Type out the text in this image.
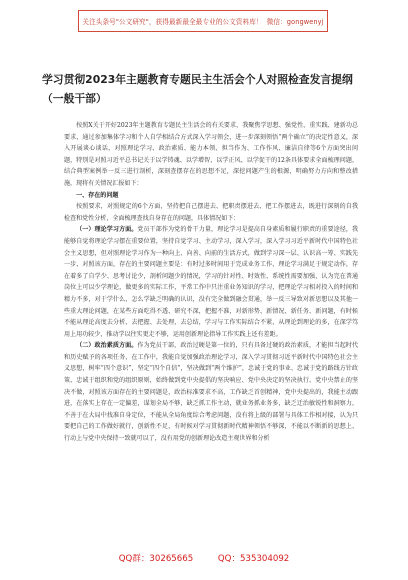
关注头条号"公文研究"，获得最新最全最专业的公文资料库！ 微信：gongwenyj
学习贯彻2023年主题教育专题民主生活会个人对照检查发言提纲
（一般干部）

按照X关于开好2023年主题教育专题民主生活会的有关要求，我聚焦学思想、强党性、重实践、建新功总要求，通过参加集体学习和个人自学相结合方式深入学习领会，进一步深刻领悟“两个确立”的决定性意义，深入开展谈心谈话，对照理论学习、政治素质、能力本领、担当作为、工作作风、廉洁自律等6个方面突出问题，特别是对照习近平总书记关于以学铸魂、以学增智、以学正风、以学促干的12条具体要求全面梳理问题，结合典型案例举一反三进行剖析，深刻查摆存在的思想不足，深挖问题产生的根源，明确努力方向和整改措施，现将有关情况汇报如下：

一、存在的问题

按照要求，对照规定的6个方面，坚持把自己摆进去、把职责摆进去、把工作摆进去，既进行深刻的自我检查和党性分析，全面梳理查找自身存在的问题，具体情况如下：

（一）理论学习方面。党员干部作为党的骨干力量，理论学习是提高自身素质和履行职责的重要途径，我能够自觉将理论学习摆在重要位置，坚持自觉学习、主动学习，深入学习，深入学习习近平新时代中国特色社会主义思想，但对照理论学习作为一种向上、向善、向前的生活方式，做到学习深一层、认识高一筹、实践先一步，对照该方面，存在的主要问题主要是：有时过多时间用于完成业务工作，理论学习满足于规定动作，存在着多了自学少、思考讨论少，剖析问题少的情况，学习的针对性、时效性、系统性需要加强，认为完在普通岗位上可以少学理论，做更多的实际工作，平常工作中只注重业务知识的学习，把理论学习相对投入的时间和精力不多，对于学什么、怎么学缺乏明确的认识，没有完全做到融会贯通，举一反三导致对新思想以及其他一些重大理论问题，在某些方面吃得不透、研究不深，把握不准，对新形势、新情况、新任务、新问题，有时候不能从理论高度去分析、去把握、去处理，去总结，学习与工作实际结合不紧，从理论到理论的多，在深学笃用上用功较少，推动学以往实更走不够，运用创新理论指导工作实践上还有差距。

（二）政治素质方面。作为党员干部，政治过硬是第一位的，只有具备过硬的政治素质，才能担当起时代和历史赋予的各项任务，在工作中，我能自觉加强政治理论学习，深入学习贯彻习近平新时代中国特色社会主义思想，树牢“四个意识”，坚定“四个自信”，坚决做到“两个维护”，忠诚于党的事业、忠诚于党的路线方针政策、忠诚于组织和党的组织原则，始终做到党中央提倡的坚决响应、党中央决定的坚决执行、党中央禁止的坚决不做，对照该方面存在的主要问题是，政治标准要求不高，工作缺乏首创精神，党中央提出的，我能主动跟进，在落实上存在一定偏差，谋划全局不够，缺乏抓工作主动，就业务抓业务多，缺乏迁治敏锐性和洞察力，不善于在大局中找准自身定位，不能从全局角度综合考虑问题，没有将上级的部署与具体工作相对接，认为只要把自己的工作做好就行，创新性不足，有时候对学习贯彻新时代精神领悟不够深，不能以不断新的思想上、行动上与党中央保持一致就可以了，没有用党的创新理论改造主观世界和分析

QQ群：30265665	QQ：535304092
